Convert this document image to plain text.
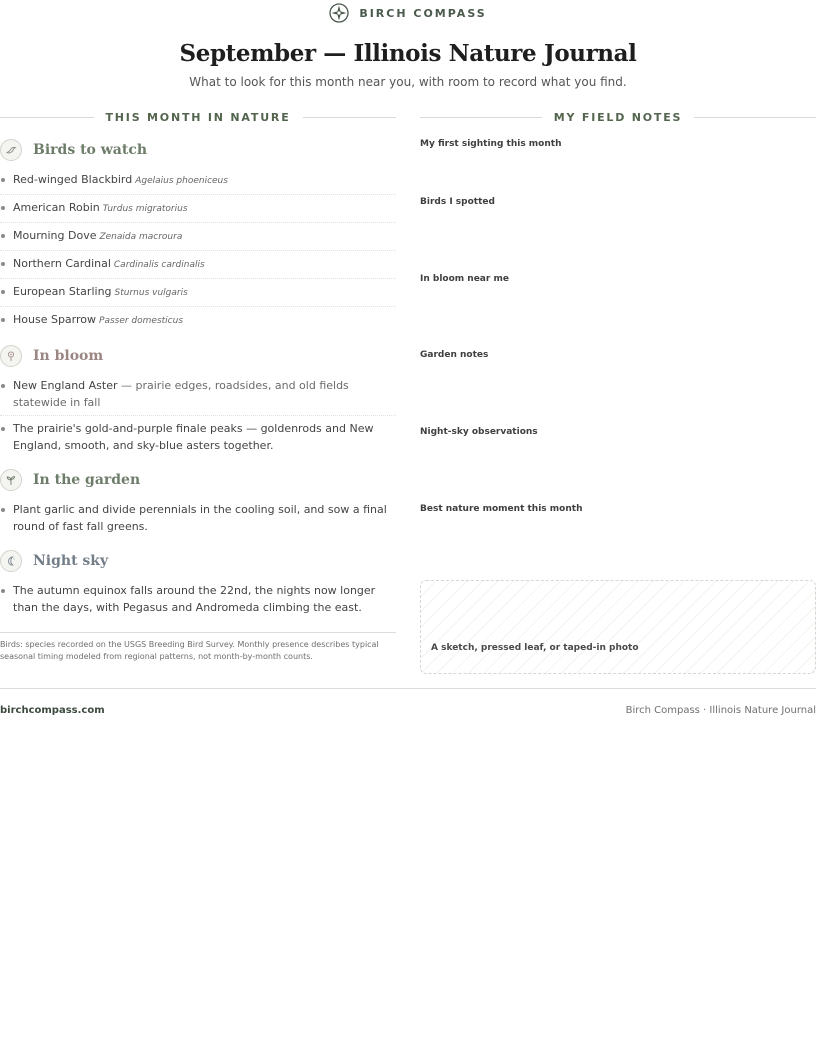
BIRCH COMPASS
September — Illinois Nature Journal
What to look for this month near you, with room to record what you find.
THIS MONTH IN NATURE
Birds to watch
Red-winged Blackbird Agelaius phoeniceus
American Robin Turdus migratorius
Mourning Dove Zenaida macroura
Northern Cardinal Cardinalis cardinalis
European Starling Sturnus vulgaris
House Sparrow Passer domesticus
In bloom
New England Aster — prairie edges, roadsides, and old fields statewide in fall
The prairie's gold-and-purple finale peaks — goldenrods and New England, smooth, and sky-blue asters together.
In the garden
Plant garlic and divide perennials in the cooling soil, and sow a final round of fast fall greens.
Night sky
The autumn equinox falls around the 22nd, the nights now longer than the days, with Pegasus and Andromeda climbing the east.
Birds: species recorded on the USGS Breeding Bird Survey. Monthly presence describes typical seasonal timing modeled from regional patterns, not month-by-month counts.
MY FIELD NOTES
My first sighting this month
Birds I spotted
In bloom near me
Garden notes
Night-sky observations
Best nature moment this month
A sketch, pressed leaf, or taped-in photo
birchcompass.com	Birch Compass · Illinois Nature Journal
